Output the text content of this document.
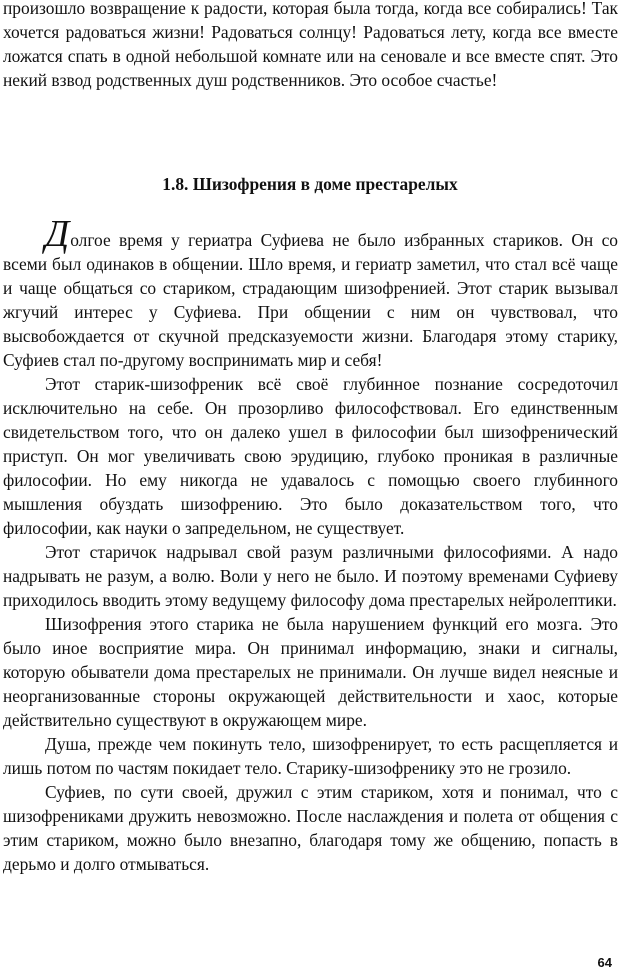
произошло возвращение к радости, которая была тогда, когда все собирались! Так хочется радоваться жизни! Радоваться солнцу! Радоваться лету, когда все вместе ложатся спать в одной небольшой комнате или на сеновале и все вместе спят. Это некий взвод родственных душ родственников. Это особое счастье!

1.8. Шизофрения в доме престарелых

Долгое время у гериатра Суфиева не было избранных стариков. Он со всеми был одинаков в общении. Шло время, и гериатр заметил, что стал всё чаще и чаще общаться со стариком, страдающим шизофренией. Этот старик вызывал жгучий интерес у Суфиева. При общении с ним он чувствовал, что высвобождается от скучной предсказуемости жизни. Благодаря этому старику, Суфиев стал по-другому воспринимать мир и себя!

Этот старик-шизофреник всё своё глубинное познание сосредоточил исключительно на себе. Он прозорливо философствовал. Его единственным свидетельством того, что он далеко ушел в философии был шизофренический приступ. Он мог увеличивать свою эрудицию, глубоко проникая в различные философии. Но ему никогда не удавалось с помощью своего глубинного мышления обуздать шизофрению. Это было доказательством того, что философии, как науки о запредельном, не существует.

Этот старичок надрывал свой разум различными философиями. А надо надрывать не разум, а волю. Воли у него не было. И поэтому временами Суфиеву приходилось вводить этому ведущему философу дома престарелых нейролептики.

Шизофрения этого старика не была нарушением функций его мозга. Это было иное восприятие мира. Он принимал информацию, знаки и сигналы, которую обыватели дома престарелых не принимали. Он лучше видел неясные и неорганизованные стороны окружающей действительности и хаос, которые действительно существуют в окружающем мире.

Душа, прежде чем покинуть тело, шизофренирует, то есть расщепляется и лишь потом по частям покидает тело. Старику-шизофренику это не грозило.

Суфиев, по сути своей, дружил с этим стариком, хотя и понимал, что с шизофрениками дружить невозможно. После наслаждения и полета от общения с этим стариком, можно было внезапно, благодаря тому же общению, попасть в дерьмо и долго отмываться.

64
